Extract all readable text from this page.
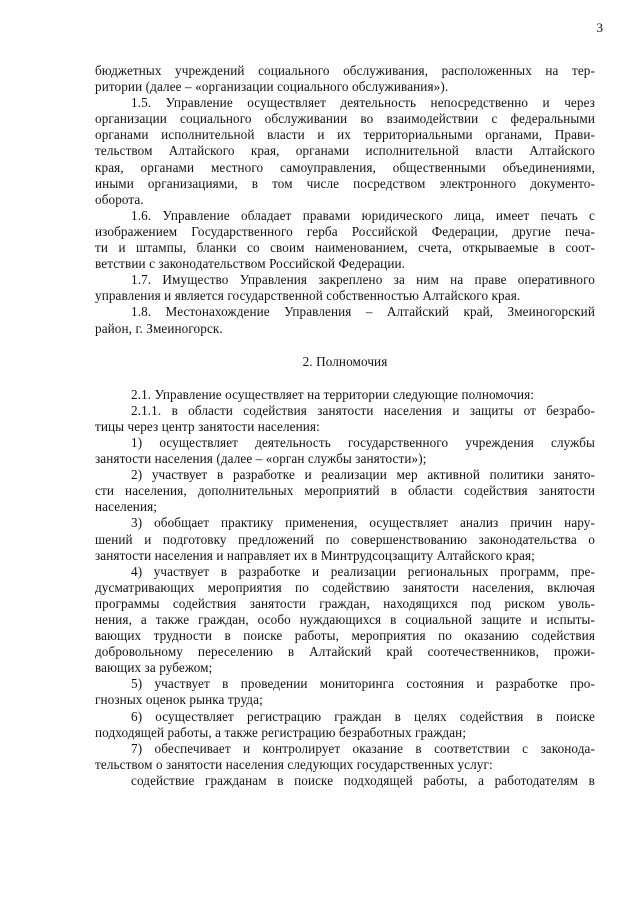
3
бюджетных учреждений социального обслуживания, расположенных на тер-
ритории (далее – «организации социального обслуживания»).
1.5. Управление осуществляет деятельность непосредственно и через
организации социального обслуживании во взаимодействии с федеральными
органами исполнительной власти и их территориальными органами, Прави-
тельством Алтайского края, органами исполнительной власти Алтайского
края, органами местного самоуправления, общественными объединениями,
иными организациями, в том числе посредством электронного документо-
оборота.
1.6. Управление обладает правами юридического лица, имеет печать с
изображением Государственного герба Российской Федерации, другие печа-
ти и штампы, бланки со своим наименованием, счета, открываемые в соот-
ветствии с законодательством Российской Федерации.
1.7. Имущество Управления закреплено за ним на праве оперативного
управления и является государственной собственностью Алтайского края.
1.8. Местонахождение Управления – Алтайский край, Змеиногорский
район, г. Змеиногорск.
2. Полномочия
2.1. Управление осуществляет на территории следующие полномочия:
2.1.1. в области содействия занятости населения и защиты от безрабо-
тицы через центр занятости населения:
1) осуществляет деятельность государственного учреждения службы
занятости населения (далее – «орган службы занятости»);
2) участвует в разработке и реализации мер активной политики занято-
сти населения, дополнительных мероприятий в области содействия занятости
населения;
3) обобщает практику применения, осуществляет анализ причин нару-
шений и подготовку предложений по совершенствованию законодательства о
занятости населения и направляет их в Минтрудсоцзащиту Алтайского края;
4) участвует в разработке и реализации региональных программ, пре-
дусматривающих мероприятия по содействию занятости населения, включая
программы содействия занятости граждан, находящихся под риском уволь-
нения, а также граждан, особо нуждающихся в социальной защите и испыты-
вающих трудности в поиске работы, мероприятия по оказанию содействия
добровольному переселению в Алтайский край соотечественников, прожи-
вающих за рубежом;
5) участвует в проведении мониторинга состояния и разработке про-
гнозных оценок рынка труда;
6) осуществляет регистрацию граждан в целях содействия в поиске
подходящей работы, а также регистрацию безработных граждан;
7) обеспечивает и контролирует оказание в соответствии с законода-
тельством о занятости населения следующих государственных услуг:
содействие гражданам в поиске подходящей работы, а работодателям в
